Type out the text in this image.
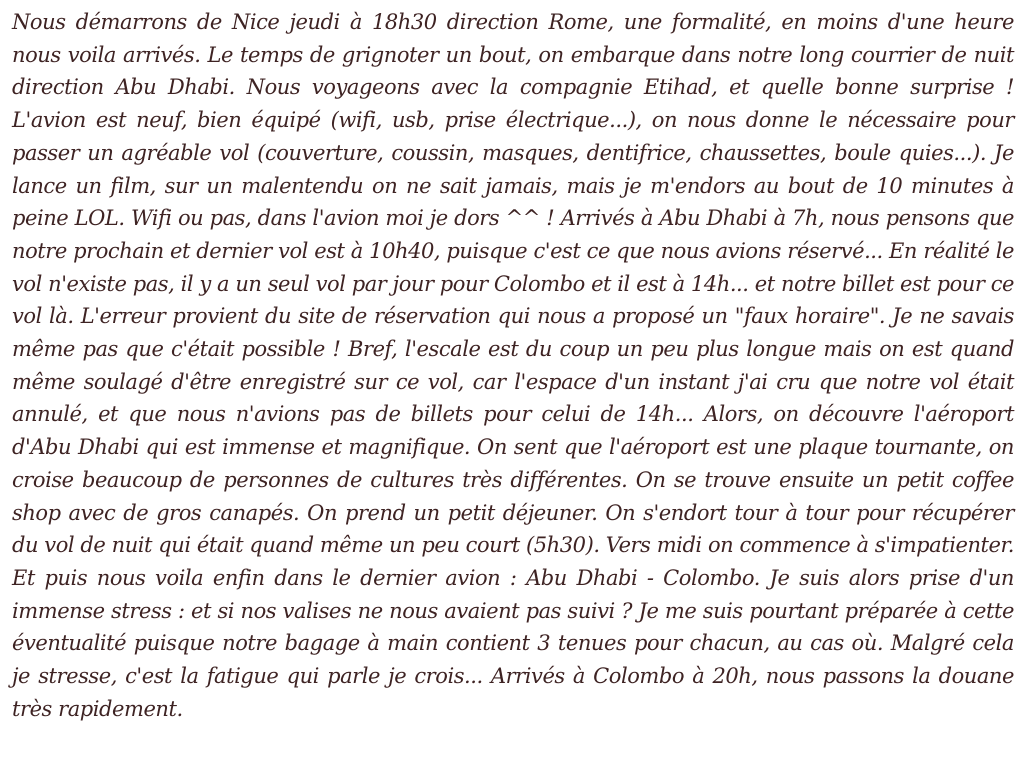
Nous démarrons de Nice jeudi à 18h30 direction Rome, une formalité, en moins d'une heure nous voila arrivés. Le temps de grignoter un bout, on embarque dans notre long courrier de nuit direction Abu Dhabi. Nous voyageons avec la compagnie Etihad, et quelle bonne surprise ! L'avion est neuf, bien équipé (wifi, usb, prise électrique...), on nous donne le nécessaire pour passer un agréable vol (couverture, coussin, masques, dentifrice, chaussettes, boule quies...). Je lance un film, sur un malentendu on ne sait jamais, mais je m'endors au bout de 10 minutes à peine LOL. Wifi ou pas, dans l'avion moi je dors ^^ ! Arrivés à Abu Dhabi à 7h, nous pensons que notre prochain et dernier vol est à 10h40, puisque c'est ce que nous avions réservé... En réalité le vol n'existe pas, il y a un seul vol par jour pour Colombo et il est à 14h... et notre billet est pour ce vol là. L'erreur provient du site de réservation qui nous a proposé un "faux horaire". Je ne savais même pas que c'était possible ! Bref, l'escale est du coup un peu plus longue mais on est quand même soulagé d'être enregistré sur ce vol, car l'espace d'un instant j'ai cru que notre vol était annulé, et que nous n'avions pas de billets pour celui de 14h... Alors, on découvre l'aéroport d'Abu Dhabi qui est immense et magnifique. On sent que l'aéroport est une plaque tournante, on croise beaucoup de personnes de cultures très différentes. On se trouve ensuite un petit coffee shop avec de gros canapés. On prend un petit déjeuner. On s'endort tour à tour pour récupérer du vol de nuit qui était quand même un peu court (5h30). Vers midi on commence à s'impatienter. Et puis nous voila enfin dans le dernier avion : Abu Dhabi - Colombo. Je suis alors prise d'un immense stress : et si nos valises ne nous avaient pas suivi ? Je me suis pourtant préparée à cette éventualité puisque notre bagage à main contient 3 tenues pour chacun, au cas où. Malgré cela je stresse, c'est la fatigue qui parle je crois... Arrivés à Colombo à 20h, nous passons la douane très rapidement.
